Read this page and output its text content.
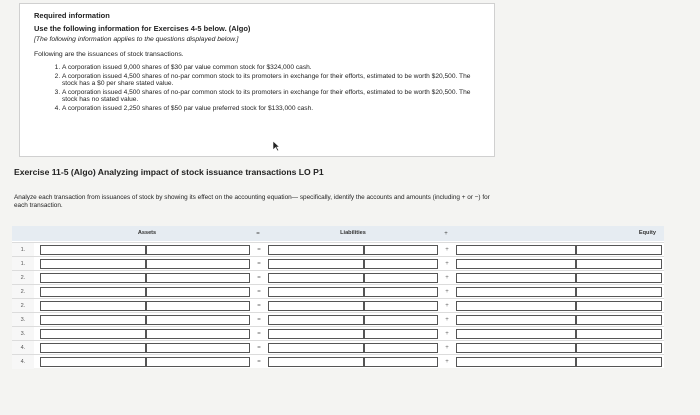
Required information

Use the following information for Exercises 4-5 below. (Algo)

[The following information applies to the questions displayed below.]

Following are the issuances of stock transactions.

1. A corporation issued 9,000 shares of $30 par value common stock for $324,000 cash.
2. A corporation issued 4,500 shares of no-par common stock to its promoters in exchange for their efforts, estimated to be worth $20,500. The stock has a $0 per share stated value.
3. A corporation issued 4,500 shares of no-par common stock to its promoters in exchange for their efforts, estimated to be worth $20,500. The stock has no stated value.
4. A corporation issued 2,250 shares of $50 par value preferred stock for $133,000 cash.
Exercise 11-5 (Algo) Analyzing impact of stock issuance transactions LO P1

Analyze each transaction from issuances of stock by showing its effect on the accounting equation— specifically, identify the accounts and amounts (including + or −) for each transaction.

Assets	=	Liabilities	+	Equity
1.	=	+
1.	=	+
2.	=	+
2.	=	+
2.	=	+
3.	=	+
3.	=	+
4.	=	+
4.	=	+
